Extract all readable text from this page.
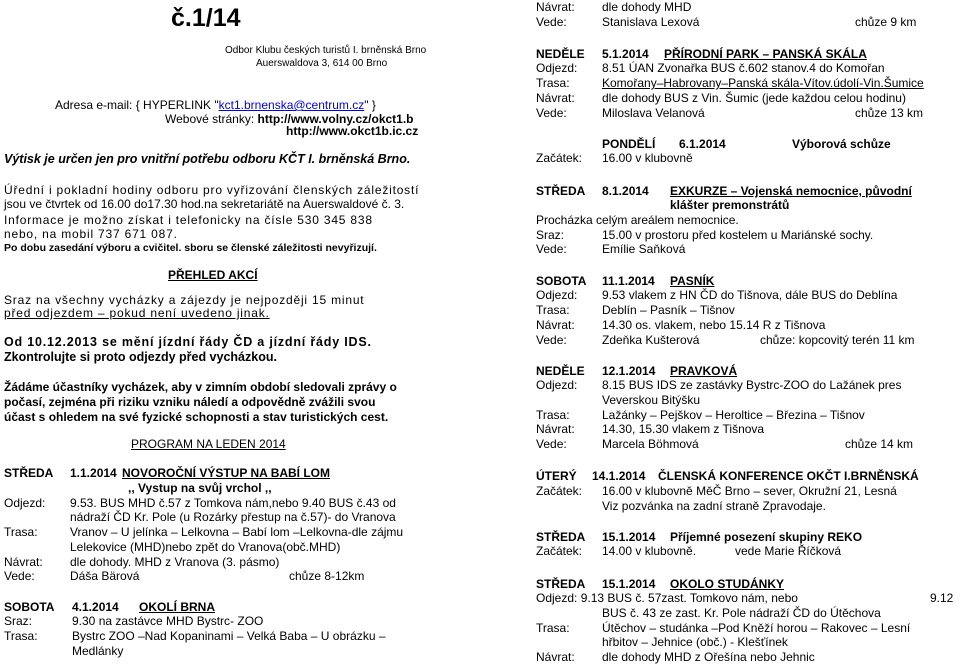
č.1/14
Odbor Klubu českých turistů I. brněnská Brno
Auerswaldova 3, 614 00 Brno
Adresa e-mail: { HYPERLINK "kct1.brnenska@centrum.cz" }
Webové stránky: http://www.volny.cz/okct1.b
http://www.okct1b.ic.cz
Výtisk je určen jen pro vnitřní potřebu odboru KČT I. brněnská Brno.
Úřední i pokladní hodiny odboru pro vyřizování členských záležitostí
jsou ve čtvrtek od 16.00 do17.30 hod.na sekretariátě na Auerswaldové č. 3.
Informace je možno získat i telefonicky na čísle 530 345 838
nebo, na mobil 737 671 087.
Po dobu zasedání výboru a cvičitel. sboru se členské záležitosti nevyřizují.
PŘEHLED AKCÍ
Sraz na všechny vycházky a zájezdy je nejpozději 15 minut
před odjezdem – pokud není uvedeno jinak.
Od 10.12.2013 se mění jízdní řády ČD a jízdní řády IDS.
Zkontrolujte si proto odjezdy před vycházkou.
Žádáme účastníky vycházek, aby v zimním období sledovali zprávy o
počasí, zejména při riziku vzniku náledí a odpovědně zvážili svou
účast s ohledem na své fyzické schopnosti a stav turistických cest.
PROGRAM NA LEDEN 2014
STŘEDA 1.1.2014 NOVOROČNÍ VÝSTUP NA BABÍ LOM
,, Vystup na svůj vrchol ,,
Odjezd: 9.53. BUS MHD č.57 z Tomkova nám,nebo 9.40 BUS č.43 od
nádraží ČD Kr. Pole (u Rozárky přestup na č.57)- do Vranova
Trasa:	Vranov – U jelínka – Lelkovna – Babí lom –Lelkovna-dle zájmu
Lelekovice (MHD)nebo zpět do Vranova(obč.MHD)
Návrat: dle dohody. MHD z Vranova (3. pásmo)
Vede:	Dáša Bärová	chůze 8-12km
SOBOTA 4.1.2014 OKOLÍ BRNA
Sraz:	9.30 na zastávce MHD Bystrc- ZOO
Trasa:	Bystrc ZOO –Nad Kopaninami – Velká Baba – U obrázku –
Medlánky
Návrat: dle dohody MHD
Vede:	Stanislava Lexová	chůze 9 km
NEDĚLE 5.1.2014 PŘÍRODNÍ PARK – PANSKÁ SKÁLA
Odjezd: 8.51 ÚAN Zvonařka BUS č.602 stanov.4 do Komořan
Trasa:	Komořany–Habrovany–Panská skála-Vítov.údolí-Vin.Šumice
Návrat: dle dohody BUS z Vin. Šumic (jede každou celou hodinu)
Vede:	Miloslava Velanová	chůze 13 km
PONDĚLÍ 6.1.2014	Výborová schůze
Začátek: 16.00 v klubovně
STŘEDA 8.1.2014 EXKURZE – Vojenská nemocnice, původní
klášter premonstrátů
Procházka celým areálem nemocnice.
Sraz:	15.00 v prostoru před kostelem u Mariánské sochy.
Vede:	Emílie Saňková
SOBOTA 11.1.2014 PASNÍK
Odjezd: 9.53 vlakem z HN ČD do Tišnova, dále BUS do Deblína
Trasa:	Deblín – Pasník – Tišnov
Návrat: 14.30 os. vlakem, nebo 15.14 R z Tišnova
Vede:	Zdeňka Kušterová	chůze: kopcovitý terén 11 km
NEDĚLE 12.1.2014 PRAVKOVÁ
Odjezd: 8.15 BUS IDS ze zastávky Bystrc-ZOO do Lažánek pres
Veverskou Bitýšku
Trasa:	Lažánky – Pejškov – Heroltice – Březina – Tišnov
Návrat: 14.30, 15.30 vlakem z Tišnova
Vede:	Marcela Böhmová	chůze 14 km
ÚTERÝ 14.1.2014 ČLENSKÁ KONFERENCE OKČT I.BRNĚNSKÁ
Začátek: 16.00 v klubovně MěČ Brno – sever, Okružní 21, Lesná
Viz pozvánka na zadní straně Zpravodaje.
STŘEDA 15.1.2014 Příjemné posezení skupiny REKO
Začátek: 14.00 v klubovně.	vede Marie Říčková
STŘEDA 15.1.2014 OKOLO STUDÁNKY
Odjezd: 9.13 BUS č. 57zast. Tomkovo nám, nebo	9.12
BUS č. 43 ze zast. Kr. Pole nádraží ČD do Útěchova
Trasa:	Útěchov – studánka –Pod Kněží horou – Rakovec – Lesní
hřbitov – Jehnice (obč.) - Klešťínek
Návrat: dle dohody MHD z Ořešína nebo Jehnic
